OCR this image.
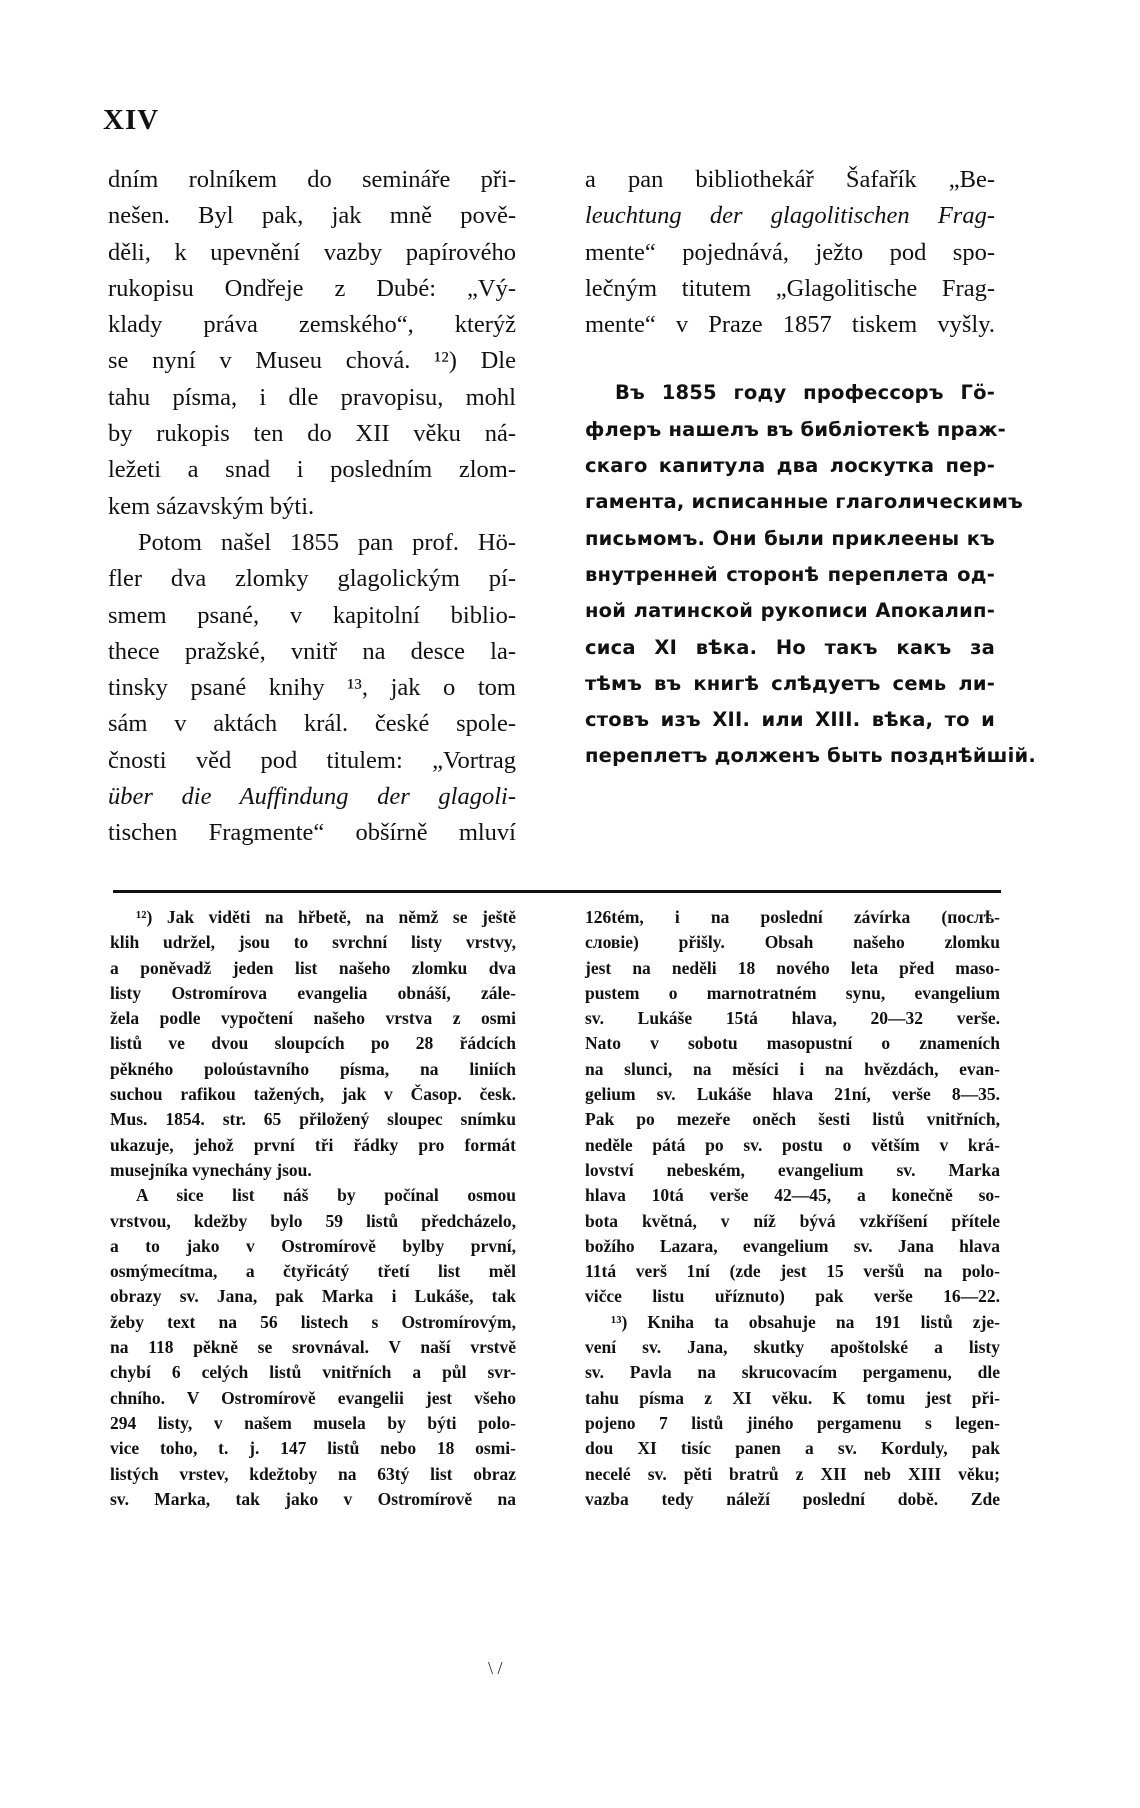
XIV
dním rolníkem do semináře při-
nešen. Byl pak, jak mně pově-
děli, k upevnění vazby papírového
rukopisu Ondřeje z Dubé: „Vý-
klady práva zemského“, kterýž
se nyní v Museu chová. ¹²) Dle
tahu písma, i dle pravopisu, mohl
by rukopis ten do XII věku ná-
ležeti a snad i posledním zlom-
kem sázavským býti.
Potom našel 1855 pan prof. Hö-
fler dva zlomky glagolickým pí-
smem psané, v kapitolní biblio-
thece pražské, vnitř na desce la-
tinsky psané knihy ¹³, jak o tom
sám v aktách král. české spole-
čnosti věd pod titulem: „Vortrag
über die Auffindung der glagoli-
tischen Fragmente“ obšírně mluví
a pan bibliothekář Šafařík „Be-
leuchtung der glagolitischen Frag-
mente“ pojednává, ježto pod spo-
lečným titutem „Glagolitische Frag-
mente“ v Praze 1857 tiskem vyšly.
Въ 1855 году профессоръ Гö-
флеръ нашелъ въ библiотекѣ праж-
скаго капитула два лоскутка пер-
гамента, исписанные глаголическимъ
письмомъ. Они были приклеены къ
внутренней сторонѣ переплета од-
ной латинской рукописи Апокалип-
сиса XI вѣка. Но такъ какъ за
тѣмъ въ книгѣ слѣдуетъ семь ли-
стовъ изъ XII. или XIII. вѣка, то и
переплетъ долженъ быть позднѣйшiй.
¹²) Jak viděti na hřbetě, na němž se ještě
klih udržel, jsou to svrchní listy vrstvy,
a poněvadž jeden list našeho zlomku dva
listy Ostromírova evangelia obnáší, zále-
žela podle vypočtení našeho vrstva z osmi
listů ve dvou sloupcích po 28 řádcích
pěkného poloústavního písma, na liniích
suchou rafikou tažených, jak v Časop. česk.
Mus. 1854. str. 65 přiložený sloupec snímku
ukazuje, jehož první tři řádky pro formát
musejníka vynechány jsou.
A sice list náš by počínal osmou
vrstvou, kdežby bylo 59 listů předcházelo,
a to jako v Ostromírově bylby první,
osmýmecítma, a čtyřicátý třetí list měl
obrazy sv. Jana, pak Marka i Lukáše, tak
žeby text na 56 listech s Ostromírovým,
na 118 pěkně se srovnával. V naší vrstvě
chybí 6 celých listů vnitřních a půl svr-
chního. V Ostromírově evangelii jest všeho
294 listy, v našem musela by býti polo-
vice toho, t. j. 147 listů nebo 18 osmi-
listých vrstev, kdežtoby na 63tý list obraz
sv. Marka, tak jako v Ostromírově na
126tém, i na poslední závírka (послѣ-
словie) přišly. Obsah našeho zlomku
jest na neděli 18 nového leta před maso-
pustem o marnotratném synu, evangelium
sv. Lukáše 15tá hlava, 20—32 verše.
Nato v sobotu masopustní o znameních
na slunci, na měsíci i na hvězdách, evan-
gelium sv. Lukáše hlava 21ní, verše 8—35.
Pak po mezeře oněch šesti listů vnitřních,
neděle pátá po sv. postu o větším v krá-
lovství nebeském, evangelium sv. Marka
hlava 10tá verše 42—45, a konečně so-
bota květná, v níž bývá vzkříšení přítele
božího Lazara, evangelium sv. Jana hlava
11tá verš 1ní (zde jest 15 veršů na polo-
vičce listu uříznuto) pak verše 16—22.
¹³) Kniha ta obsahuje na 191 listů zje-
vení sv. Jana, skutky apoštolské a listy
sv. Pavla na skrucovacím pergamenu, dle
tahu písma z XI věku. K tomu jest při-
pojeno 7 listů jiného pergamenu s legen-
dou XI tisíc panen a sv. Korduly, pak
necelé sv. pěti bratrů z XII neb XIII věku;
vazba tedy náleží poslední době. Zde
\ /
